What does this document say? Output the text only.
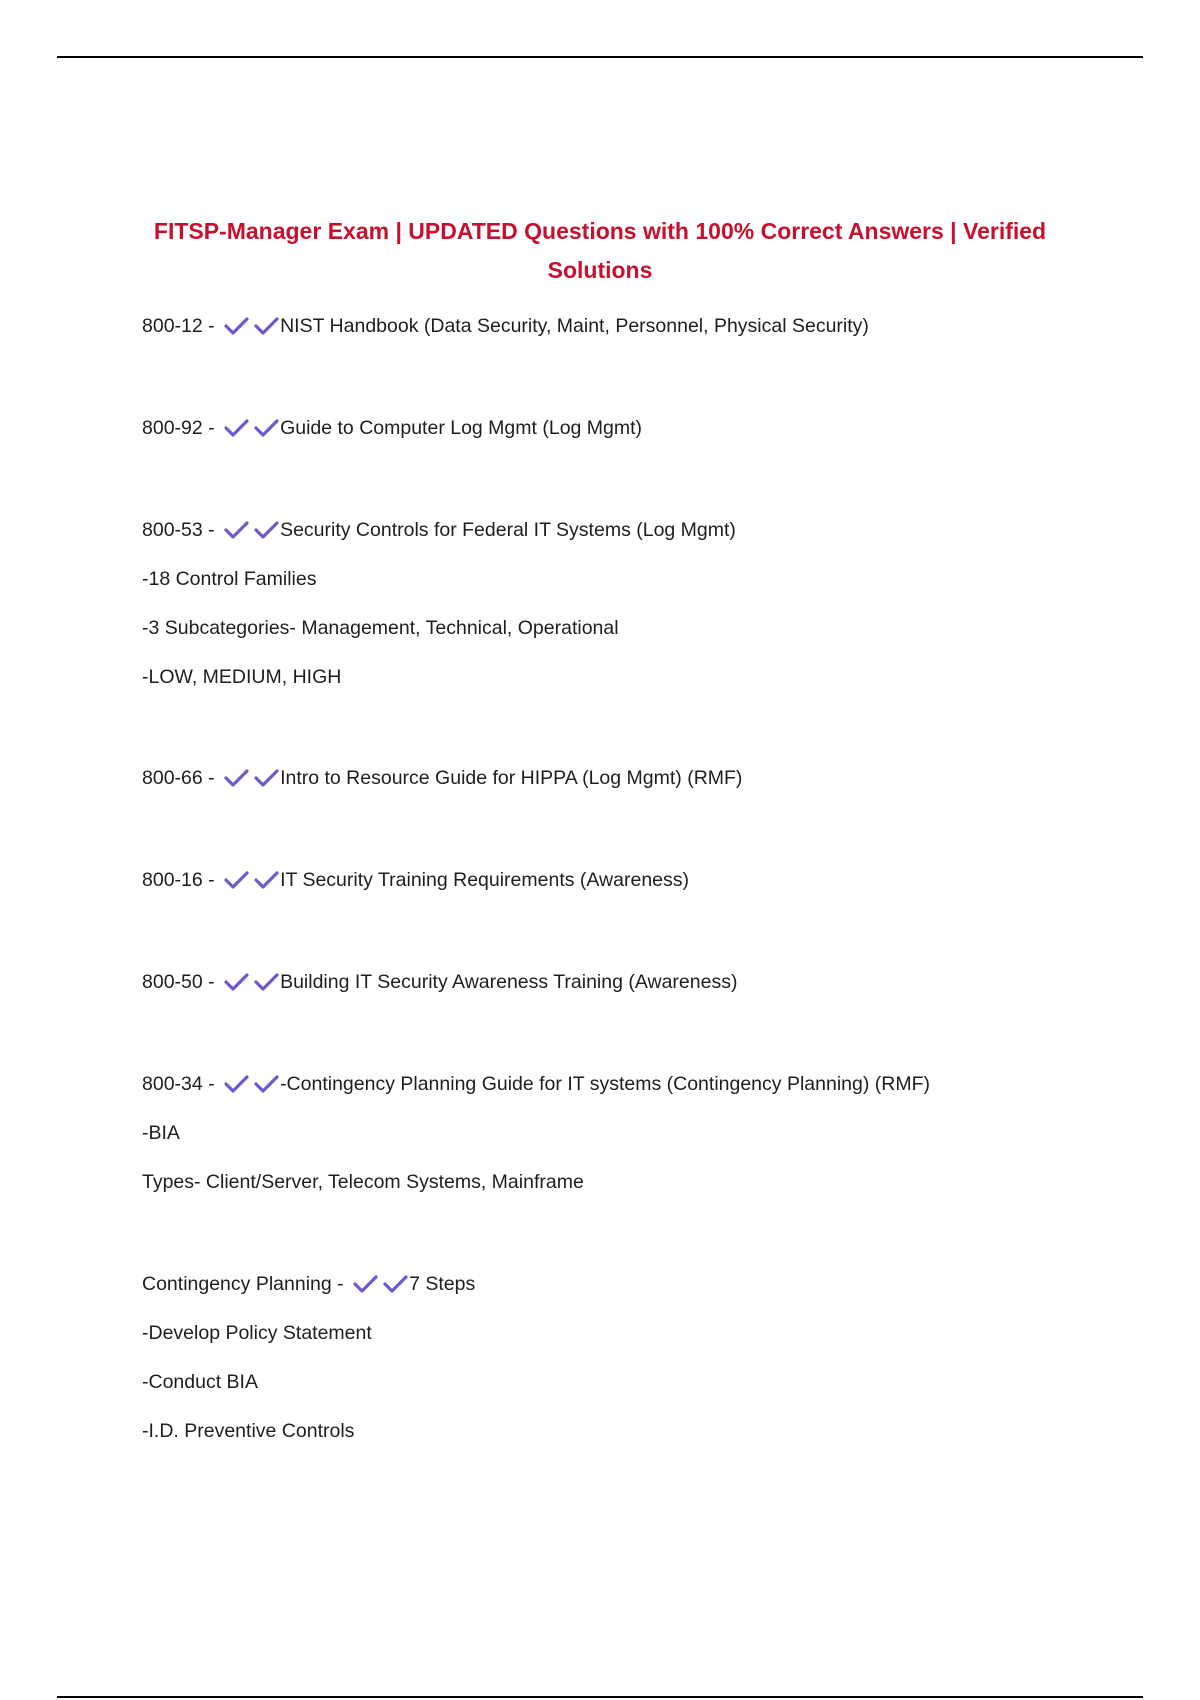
FITSP-Manager Exam | UPDATED Questions with 100% Correct Answers | Verified Solutions
800-12 -	NIST Handbook (Data Security, Maint, Personnel, Physical Security)
800-92 -	Guide to Computer Log Mgmt (Log Mgmt)
800-53 -	Security Controls for Federal IT Systems (Log Mgmt)
-18 Control Families
-3 Subcategories- Management, Technical, Operational
-LOW, MEDIUM, HIGH
800-66 -	Intro to Resource Guide for HIPPA (Log Mgmt) (RMF)
800-16 -	IT Security Training Requirements (Awareness)
800-50 -	Building IT Security Awareness Training (Awareness)
800-34 -	-Contingency Planning Guide for IT systems (Contingency Planning) (RMF)
-BIA
Types- Client/Server, Telecom Systems, Mainframe
Contingency Planning -	7 Steps
-Develop Policy Statement
-Conduct BIA
-I.D. Preventive Controls
